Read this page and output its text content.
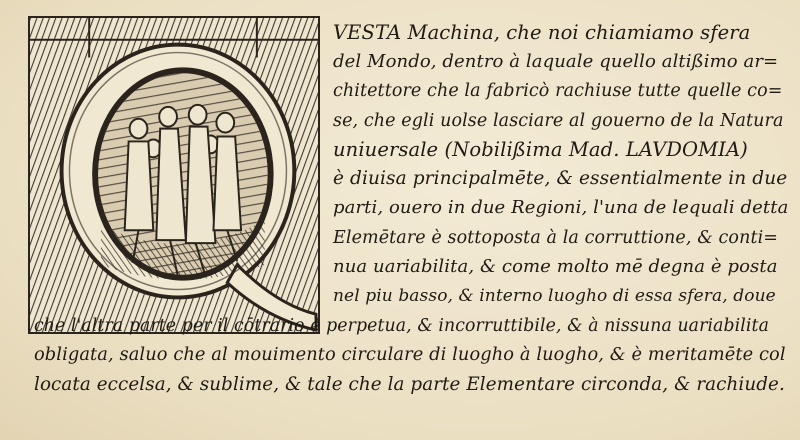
VESTA Machina, che noi chiamiamo sfera

del Mondo, dentro à laquale quello altißimo ar=

chitettore che la fabricò rachiuse tutte quelle co=

se, che egli uolse lasciare al gouerno de la Natura

uniuersale (Nobilißima Mad. LAVDOMIA)

è diuisa principalmēte, & essentialmente in due

parti, ouero in due Regioni, l'una de lequali detta

Elemētare è sottoposta à la corruttione, & conti=

nua uariabilita, & come molto mē degna è posta

nel piu basso, & interno luogho di essa sfera, doue

che l'altra parte per il cōtrario è perpetua, & incorruttibile, & à nissuna uariabilita

obligata, saluo che al mouimento circulare di luogho à luogho, & è meritamēte col

locata eccelsa, & sublime, & tale che la parte Elementare circonda, & rachiude.
